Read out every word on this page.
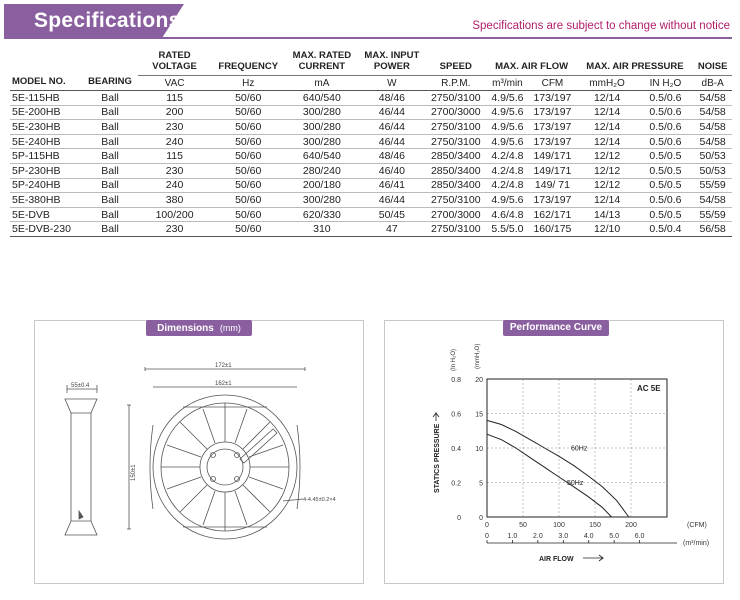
Specifications	Specifications are subject to change without notice
MODEL NO.	BEARING	RATED VOLTAGE	FREQUENCY	MAX. RATED CURRENT	MAX. INPUT POWER	SPEED	MAX. AIR FLOW		MAX. AIR PRESSURE		NOISE
		VAC	Hz	mA	W	R.P.M.	m³/min	CFM	mmH₂O	IN H₂O	dB-A
5E-115HB	Ball	115	50/60	640/540	48/46	2750/3100	4.9/5.6	173/197	12/14	0.5/0.6	54/58
5E-200HB	Ball	200	50/60	300/280	46/44	2700/3000	4.9/5.6	173/197	12/14	0.5/0.6	54/58
5E-230HB	Ball	230	50/60	300/280	46/44	2750/3100	4.9/5.6	173/197	12/14	0.5/0.6	54/58
5E-240HB	Ball	240	50/60	300/280	46/44	2750/3100	4.9/5.6	173/197	12/14	0.5/0.6	54/58
5P-115HB	Ball	115	50/60	640/540	48/46	2850/3400	4.2/4.8	149/171	12/12	0.5/0.5	50/53
5P-230HB	Ball	230	50/60	280/240	46/40	2850/3400	4.2/4.8	149/171	12/12	0.5/0.5	50/53
5P-240HB	Ball	240	50/60	200/180	46/41	2850/3400	4.2/4.8	149/ 71	12/12	0.5/0.5	55/59
5E-380HB	Ball	380	50/60	300/280	46/44	2750/3100	4.9/5.6	173/197	12/14	0.5/0.6	54/58
5E-DVB	Ball	100/200	50/60	620/330	50/45	2700/3000	4.6/4.8	162/171	14/13	0.5/0.5	55/59
5E-DVB-230	Ball	230	50/60	310	47	2750/3100	5.5/5.0	160/175	12/10	0.5/0.4	56/58
Dimensions (mm)
55±0.4
172±1
162±1
150±1
4-4.45±0.2×4
Performance Curve
0.8
0.6
0.4
0.2
0
20
15
10
5
0
(In H₂O)	(mmH₂O)
STATICS PRESSURE
0	50	100	150	200	(CFM)
0	1.0 2.0 3.0 4.0 5.0 6.0
(m³/min)
AIR FLOW
AC 5E
60Hz
50Hz
